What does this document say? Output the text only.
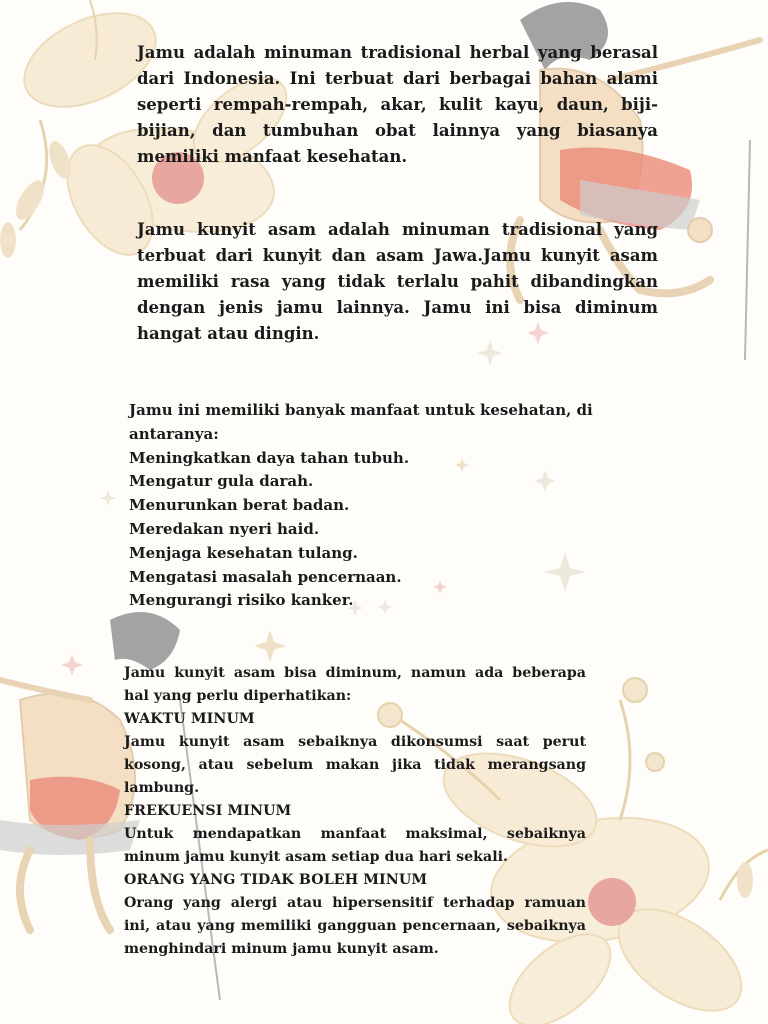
Jamu adalah minuman tradisional herbal yang berasal dari Indonesia. Ini terbuat dari berbagai bahan alami seperti rempah-rempah, akar, kulit kayu, daun, biji-bijian, dan tumbuhan obat lainnya yang biasanya memiliki manfaat kesehatan.

Jamu kunyit asam adalah minuman tradisional yang terbuat dari kunyit dan asam Jawa.Jamu kunyit asam memiliki rasa yang tidak terlalu pahit dibandingkan dengan jenis jamu lainnya. Jamu ini bisa diminum hangat atau dingin.

Jamu ini memiliki banyak manfaat untuk kesehatan, di antaranya:

Meningkatkan daya tahan tubuh.

Mengatur gula darah.

Menurunkan berat badan.

Meredakan nyeri haid.

Menjaga kesehatan tulang.

Mengatasi masalah pencernaan.

Mengurangi risiko kanker.

Jamu kunyit asam bisa diminum, namun ada beberapa hal yang perlu diperhatikan:

WAKTU MINUM

Jamu kunyit asam sebaiknya dikonsumsi saat perut kosong, atau sebelum makan jika tidak merangsang lambung.

FREKUENSI MINUM

Untuk mendapatkan manfaat maksimal, sebaiknya minum jamu kunyit asam setiap dua hari sekali.

ORANG YANG TIDAK BOLEH MINUM

Orang yang alergi atau hipersensitif terhadap ramuan ini, atau yang memiliki gangguan pencernaan, sebaiknya menghindari minum jamu kunyit asam.
